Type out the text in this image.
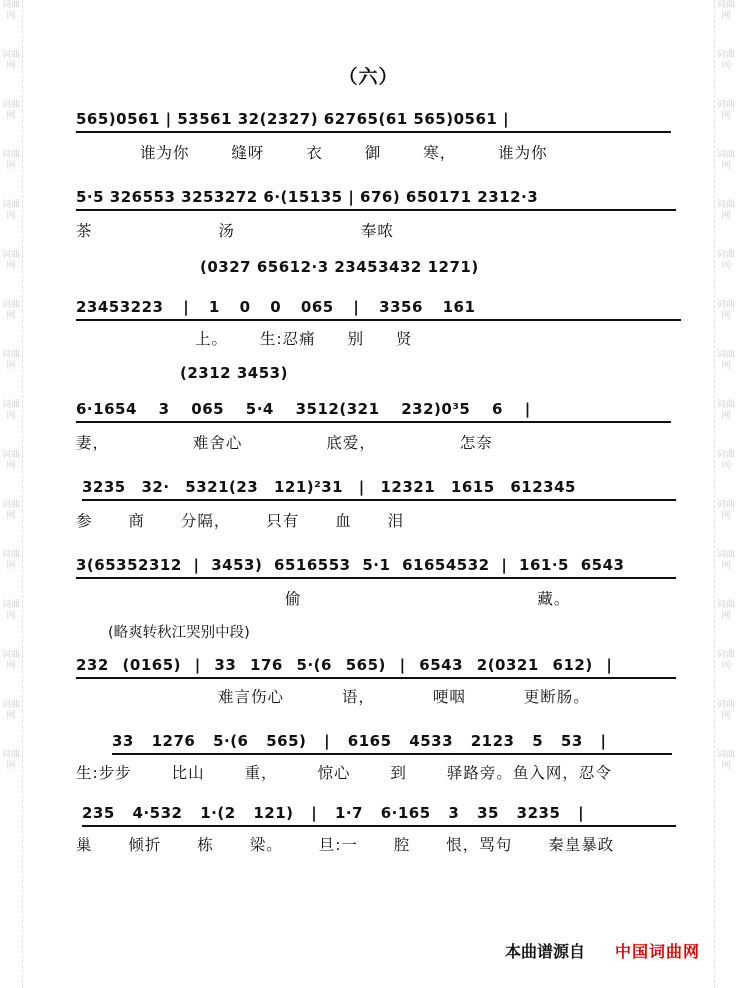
词曲网
词曲网
词曲网
词曲网
词曲网
词曲网
词曲网
词曲网
词曲网
词曲网
词曲网
词曲网
词曲网
词曲网
词曲网
词曲网
词曲网
词曲网
词曲网
词曲网
词曲网
词曲网
词曲网
词曲网
词曲网
词曲网
词曲网
词曲网
词曲网
词曲网
词曲网
词曲网
（六）

565)0561 | 53561 32(2327) 62765(61 565)0561 |

谁为你 缝呀 衣 御 寒， 谁为你

5·5 326553 3253272 6·(15135 | 676) 650171 2312·3

茶 汤 奉哝

(0327 65612·3 23453432 1271)

23453223 | 1 0 0 065 | 3356 161

上。 生:忍痛 别 贤

(2312 3453)

6·1654 3 065 5·4 3512(321 232)0³5 6 |

妻， 难舍心 底爱， 怎奈

3235 32· 5321(23 121)²31 | 12321 1615 612345

参 商 分隔， 只有 血 泪

3(65352312 | 3453) 6516553 5·1 61654532 | 161·5 6543

偷 藏。

(略爽转秋江哭别中段)

232 (0165) | 33 176 5·(6 565) | 6543 2(0321 612) |

难言伤心 语， 哽咽 更断肠。

33 1276 5·(6 565) | 6165 4533 2123 5 53 |

生:步步 比山 重， 惊心 到 驿路旁。鱼入网，忍令

235 4·532 1·(2 121) | 1·7 6·165 3 35 3235 |

巢 倾折 栋 梁。 旦:一 腔 恨，骂句 秦皇暴政

本曲谱源自 中国词曲网
